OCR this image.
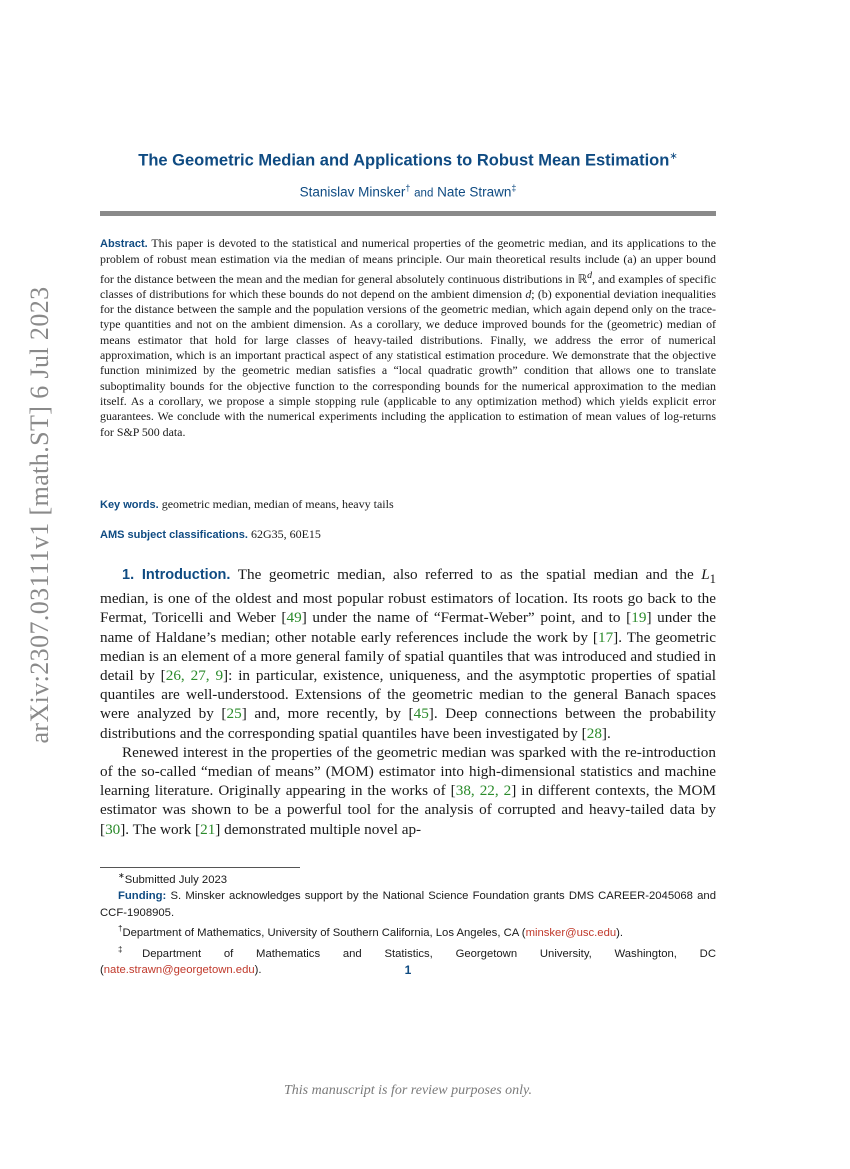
arXiv:2307.03111v1 [math.ST] 6 Jul 2023
The Geometric Median and Applications to Robust Mean Estimation∗
Stanislav Minsker† and Nate Strawn‡
Abstract. This paper is devoted to the statistical and numerical properties of the geometric median, and its applications to the problem of robust mean estimation via the median of means principle. Our main theoretical results include (a) an upper bound for the distance between the mean and the median for general absolutely continuous distributions in ℝ$^d$, and examples of specific classes of distributions for which these bounds do not depend on the ambient dimension d; (b) exponential deviation inequalities for the distance between the sample and the population versions of the geometric median, which again depend only on the trace-type quantities and not on the ambient dimension. As a corollary, we deduce improved bounds for the (geometric) median of means estimator that hold for large classes of heavy-tailed distributions. Finally, we address the error of numerical approximation, which is an important practical aspect of any statistical estimation procedure. We demonstrate that the objective function minimized by the geometric median satisfies a “local quadratic growth” condition that allows one to translate suboptimality bounds for the objective function to the corresponding bounds for the numerical approximation to the median itself. As a corollary, we propose a simple stopping rule (applicable to any optimization method) which yields explicit error guarantees. We conclude with the numerical experiments including the application to estimation of mean values of log-returns for S&P 500 data.
Key words. geometric median, median of means, heavy tails
AMS subject classifications. 62G35, 60E15

1. Introduction. The geometric median, also referred to as the spatial median and the $L_1$ median, is one of the oldest and most popular robust estimators of location. Its roots go back to the Fermat, Toricelli and Weber [49] under the name of “Fermat-Weber” point, and to [19] under the name of Haldane’s median; other notable early references include the work by [17]. The geometric median is an element of a more general family of spatial quantiles that was introduced and studied in detail by [26, 27, 9]: in particular, existence, uniqueness, and the asymptotic properties of spatial quantiles are well-understood. Extensions of the geometric median to the general Banach spaces were analyzed by [25] and, more recently, by [45]. Deep connections between the probability distributions and the corresponding spatial quantiles have been investigated by [28].

Renewed interest in the properties of the geometric median was sparked with the re-introduction of the so-called “median of means” (MOM) estimator into high-dimensional statistics and machine learning literature. Originally appearing in the works of [38, 22, 2] in different contexts, the MOM estimator was shown to be a powerful tool for the analysis of corrupted and heavy-tailed data by [30]. The work [21] demonstrated multiple novel ap-

∗Submitted July 2023

Funding: S. Minsker acknowledges support by the National Science Foundation grants DMS CAREER-2045068 and CCF-1908905.

†Department of Mathematics, University of Southern California, Los Angeles, CA (minsker@usc.edu).

‡Department of Mathematics and Statistics, Georgetown University, Washington, DC

(nate.strawn@georgetown.edu).	1
This manuscript is for review purposes only.
